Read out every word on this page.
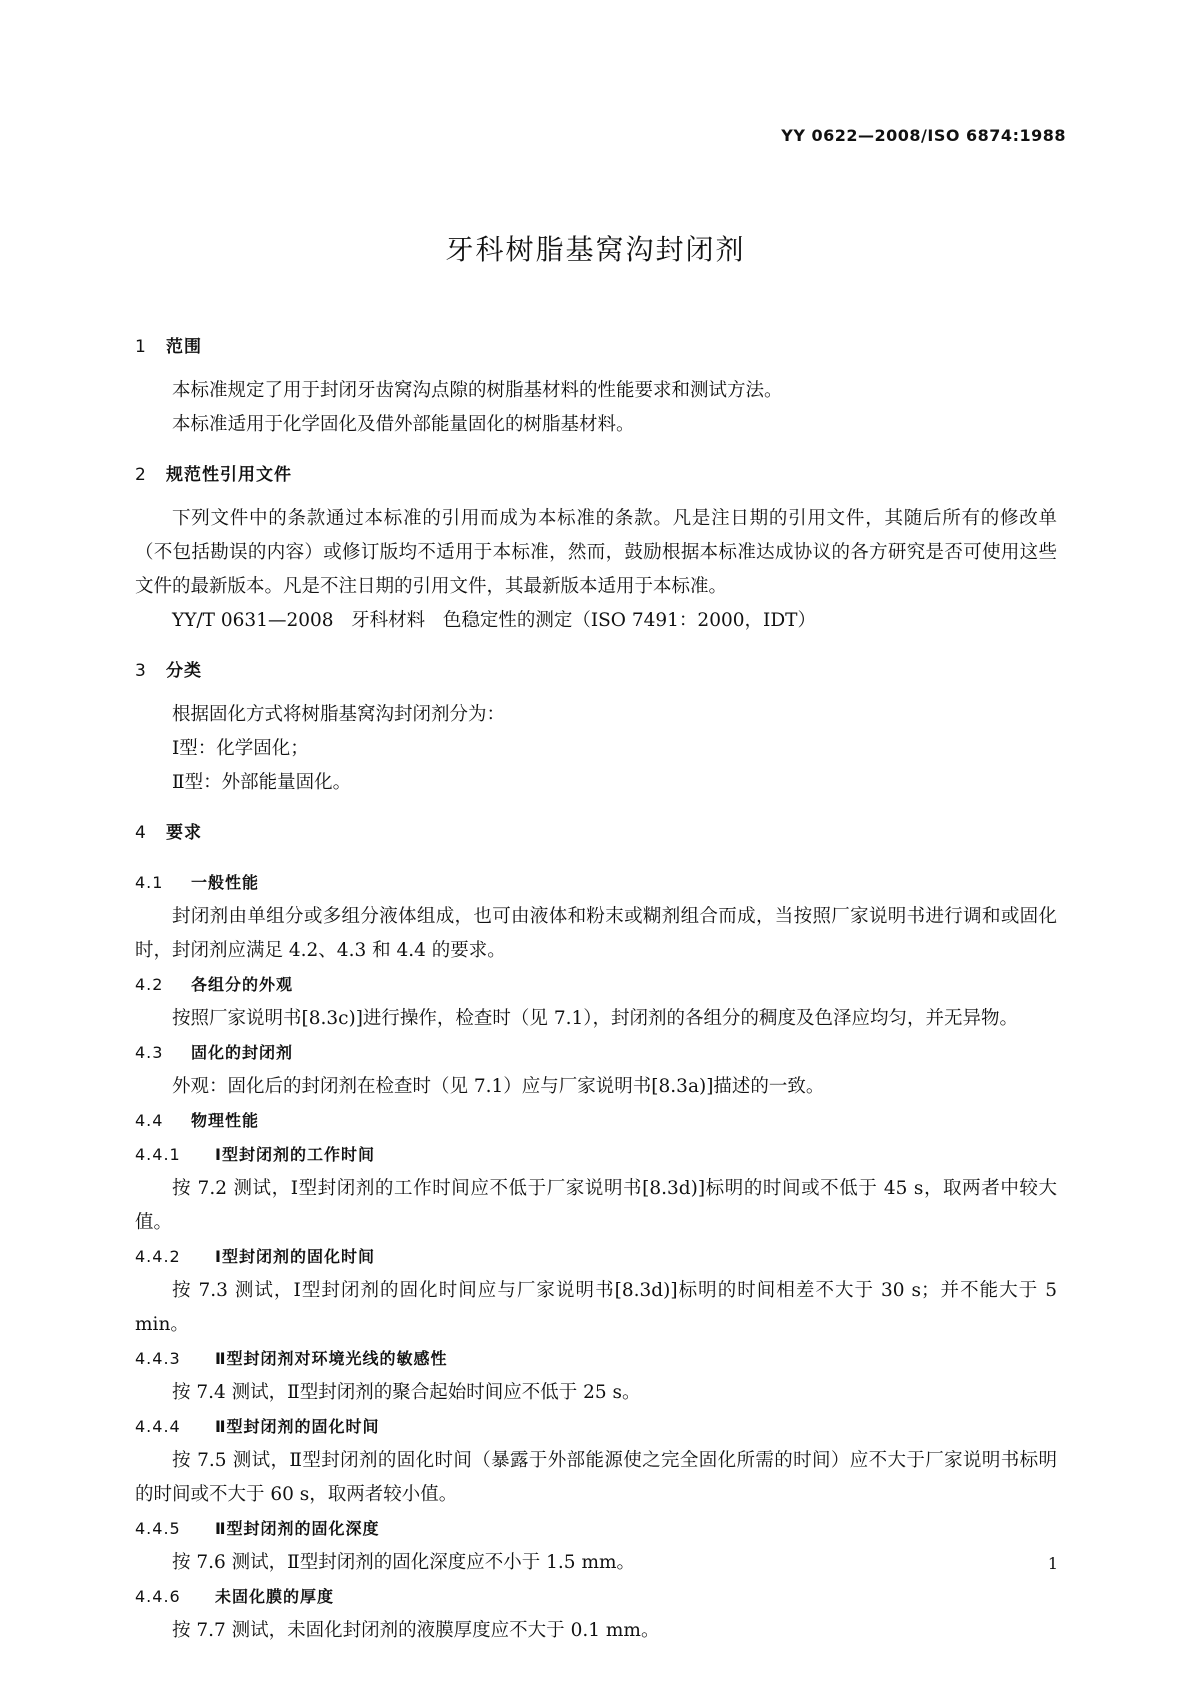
YY 0622—2008/ISO 6874:1988
牙科树脂基窝沟封闭剂
1 范围

本标准规定了用于封闭牙齿窝沟点隙的树脂基材料的性能要求和测试方法。

本标准适用于化学固化及借外部能量固化的树脂基材料。

2 规范性引用文件

下列文件中的条款通过本标准的引用而成为本标准的条款。凡是注日期的引用文件，其随后所有的修改单（不包括勘误的内容）或修订版均不适用于本标准，然而，鼓励根据本标准达成协议的各方研究是否可使用这些文件的最新版本。凡是不注日期的引用文件，其最新版本适用于本标准。

YY/T 0631—2008   牙科材料   色稳定性的测定（ISO 7491：2000，IDT）

3 分类

根据固化方式将树脂基窝沟封闭剂分为：

Ⅰ型：化学固化；

Ⅱ型：外部能量固化。

4 要求
4.1 一般性能

封闭剂由单组分或多组分液体组成，也可由液体和粉末或糊剂组合而成，当按照厂家说明书进行调和或固化时，封闭剂应满足 4.2、4.3 和 4.4 的要求。

4.2 各组分的外观

按照厂家说明书[8.3c)]进行操作，检查时（见 7.1），封闭剂的各组分的稠度及色泽应均匀，并无异物。

4.3 固化的封闭剂

外观：固化后的封闭剂在检查时（见 7.1）应与厂家说明书[8.3a)]描述的一致。

4.4 物理性能
4.4.1 Ⅰ型封闭剂的工作时间

按 7.2 测试，Ⅰ型封闭剂的工作时间应不低于厂家说明书[8.3d)]标明的时间或不低于 45 s，取两者中较大值。

4.4.2 Ⅰ型封闭剂的固化时间

按 7.3 测试，Ⅰ型封闭剂的固化时间应与厂家说明书[8.3d)]标明的时间相差不大于 30 s；并不能大于 5 min。

4.4.3 Ⅱ型封闭剂对环境光线的敏感性

按 7.4 测试，Ⅱ型封闭剂的聚合起始时间应不低于 25 s。

4.4.4 Ⅱ型封闭剂的固化时间

按 7.5 测试，Ⅱ型封闭剂的固化时间（暴露于外部能源使之完全固化所需的时间）应不大于厂家说明书标明的时间或不大于 60 s，取两者较小值。

4.4.5 Ⅱ型封闭剂的固化深度

按 7.6 测试，Ⅱ型封闭剂的固化深度应不小于 1.5 mm。

4.4.6 未固化膜的厚度

按 7.7 测试，未固化封闭剂的液膜厚度应不大于 0.1 mm。

1
